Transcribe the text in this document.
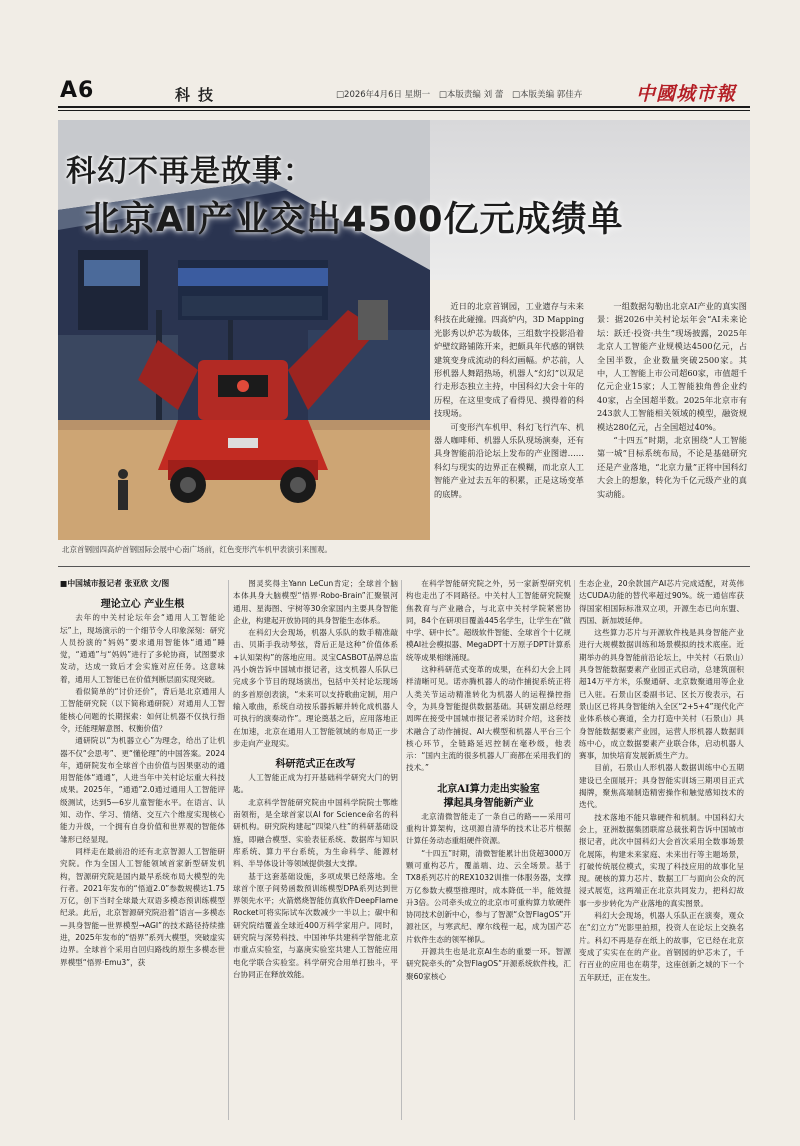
A6	科技	□2026年4月6日 星期一 □本版责编 刘 蕾 □本版美编 郭佳卉	中國城市報
科幻不再是故事：
北京AI产业交出4500亿元成绩单

近日的北京首钢园，工业遗存与未来科技在此碰撞。四高炉内，3D Mapping光影秀以炉芯为载体，三组数字投影沿着炉壁纹路铺陈开来，把颇具年代感的钢铁建筑变身成流动的科幻画幅。炉芯前，人形机器人舞蹈热场，机器人“幻幻”以双足行走形态独立主持，中国科幻大会十年的历程，在这里变成了看得见、摸得着的科技现场。

可变形汽车机甲、科幻飞行汽车、机器人咖啡师、机器人乐队现场演奏，还有具身智能前沿论坛上发布的产业图谱……科幻与现实的边界正在模糊，而北京人工智能产业过去五年的积累，正是这场变革的底牌。

一组数据勾勒出北京AI产业的真实图景：据2026中关村论坛年会“AI未来论坛：跃迁·投资·共生”现场披露，2025年北京人工智能产业规模达4500亿元，占全国半数，企业数量突破2500家。其中，人工智能上市公司超60家，市值超千亿元企业15家；人工智能独角兽企业约40家，占全国超半数。2025年北京市有243款人工智能相关领域的模型，融资规模达280亿元，占全国超过40%。

“十四五”时期，北京围绕“人工智能第一城”目标系统布局，不论是基础研究还是产业落地，“北京力量”正将中国科幻大会上的想象，转化为千亿元级产业的真实动能。

北京首钢园四高炉首钢国际会展中心南广场前，红色变形汽车机甲表演引来围观。

■中国城市报记者 张亚欣 文/图

理论立心 产业生根

去年的中关村论坛年会“通用人工智能论坛”上，现场演示的一个细节令人印象深刻：研究人员扮演的“妈妈”要求通用智能体“通通”睡觉，“通通”与“妈妈”进行了多轮协商，试图要求发动，达成一致后才会实施对应任务。这意味着，通用人工智能已在价值判断层面实现突破。

看似简单的“讨价还价”，背后是北京通用人工智能研究院（以下简称通研院）对通用人工智能核心问题的长期探索：如何让机器不仅执行指令，还能理解意图、权衡价值？

通研院以“为机器立心”为理念，给出了让机器不仅“会思考”、更“懂伦理”的中国答案。2024年，通研院发布全球首个由价值与因果驱动的通用智能体“通通”，人进当年中关村论坛重大科技成果。2025年，“通通”2.0通过通用人工智能评级测试，达到5—6岁儿童智能水平。在语言、认知、动作、学习、情绪、交互六个维度实现核心能力升级，一个拥有自身价值和世界观的智能体雏形已经显现。

同样走在最前沿的还有北京智源人工智能研究院。作为全国人工智能领域首家新型研发机构，智源研究院是国内最早系统布局大模型的先行者。2021年发布的“悟道2.0”参数规模达1.75万亿，创下当时全球最大双语多模态预训练模型纪录。此后，北京智源研究院沿着“语言—多模态—具身智能—世界模型→AGI”的技术路径持续推进，2025年发布的“悟界”系列大模型，突破虚实边界。全球首个采用自回归路线的原生多模态世界模型“悟界·Emu3”，获

图灵奖得主Yann LeCun肯定；全球首个脑本体具身大脑模型“悟界·Robo-Brain”汇聚银河通用、星海图、宇树等30余家国内主要具身智能企业，构建起开放协同的具身智能生态体系。

在科幻大会现场，机器人乐队的数手精准敲击、贝斯手我动琴弦，背后正是这种“价值体系+认知架构”的落地应用。灵宝CASBOT品牌总监冯小婉告诉中国城市报记者，这支机器人乐队已完成多个节目的现场演出，包括中关村论坛现场的多首原创表演，“未来可以支持歌曲定制，用户输入歌曲，系统自动按乐器拆解并转化成机器人可执行的演奏动作”。理论奠基之后，应用落地正在加速，北京在通用人工智能领域的布局正一步步走向产业现实。

科研范式正在改写

人工智能正成为打开基础科学研究大门的钥匙。

北京科学智能研究院由中国科学院院士鄂维南领衔，是全球首家以AI for Science命名的科研机构。研究院构建起“四梁八柱”的科研基础设施，即融合模型、实验表征系统、数据库与知识库系统、算力平台系统，为生命科学、能源材料、半导体设计等领域提供强大支撑。

基于这套基础设施，多项成果已经落地。全球首个原子间势函数预训练模型DPA系列达到世界领先水平；火箭燃烧智能仿真软件DeepFlame Rocket可将实际试车次数减少一半以上；碳中和研究院结覆盖全球近400万科学家用户。同时，研究院与深势科技、中国神华共建科学智能北京市重点实验室，与嘉庚实验室共建人工智能应用电化学联合实验室。科学研究合用单打独斗，平台协同正在释放效能。

在科学智能研究院之外，另一家新型研究机构也走出了不同路径。中关村人工智能研究院聚焦教育与产业融合，与北京中关村学院紧密协同，84个在研项目覆盖445名学生，让学生在“做中学、研中长”。超级软件智能、全球首个十亿规模AI社会模拟器、MegaDPT十万原子DPT计算系统等成果相继涌现。

这种科研范式变革的成果，在科幻大会上同样清晰可见。诺亦腾机器人的动作捕捉系统正将人类关节运动精准转化为机器人的运程操控指令，为具身智能提供数据基础。其研发副总经理周晖在接受中国城市报记者采访时介绍，这套技术融合了动作捕捉、AI大模型和机器人平台三个核心环节，全链路延迟控制在毫秒级，他表示：“国内主流的很多机器人厂商都在采用我们的技术。”

北京AI算力走出实验室
撑起具身智能新产业

北京清微智能走了一条自己的路——采用可重构计算架构，这项源自清华的技术让芯片根据计算任务动态重组硬件资源。

“十四五”时期，清微智能累计出货超3000万颗可重构芯片，覆盖端、边、云全场景。基于TX8系列芯片的REX1032训推一体服务器，支撑万亿参数大模型推理时，成本降低一半，能效提升3倍。公司牵头成立的北京市可重构算力软硬件协同技术创新中心，参与了智源“众智FlagOS”开源社区，与寒武纪、摩尔线程一起，成为国产芯片软件生态的领军梯队。

开源共生也是北京AI生态的重要一环。智源研究院牵头的“众智FlagOS”开源系统软件栈，汇聚60家核心

生态企业，20余款国产AI芯片完成适配，对英伟达CUDA功能的替代率超过90%。统一通信库获得国家相国际标准双立项，开源生态已向东盟、西国、新加坡延伸。

这些算力芯片与开源软件栈是具身智能产业进行大规模数据训练和场景模拟的技术底座。近期举办的具身智能前沿论坛上，中关村（石景山）具身智能数据要素产业园正式启动，总建筑面积超14万平方米，乐聚通研、北京数聚通用等企业已入驻。石景山区委副书记、区长万俊表示，石景山区已将具身智能纳入全区“2+5+4”现代化产业体系核心赛道，全力打造中关村（石景山）具身智能数据要素产业园，运营人形机器人数据训练中心，成立数据要素产业联合体，启动机器人赛事，加快培育发展新质生产力。

目前，石景山人形机器人数据训练中心五期建设已全面展开；具身智能实训场三期项目正式揭牌，聚焦高端制造精密操作和触觉感知技术的迭代。

技术落地不能只靠硬件和机制。中国科幻大会上，亚洲数据集团联席总裁张莉告诉中国城市报记者，此次中国科幻大会首次采用全数事场景化展陈，构建未来家庭、未来出行等主题场景，打破传统展位模式，实现了科技应用的故事化呈现。硬核的算力芯片、数据工厂与面向公众的沉浸式展览，这两端正在北京共同发力，把科幻故事一步步转化为产业落地的真实图景。

科幻大会现场，机器人乐队正在演奏，观众在“幻立方”光影里拍照，投资人在论坛上交换名片。科幻不再是存在纸上的故事，它已经在北京变成了实实在在的产业。首钢园的炉芯未了，千行百业的应用也在萌芽，这座创新之城的下一个五年跃迁，正在发生。
